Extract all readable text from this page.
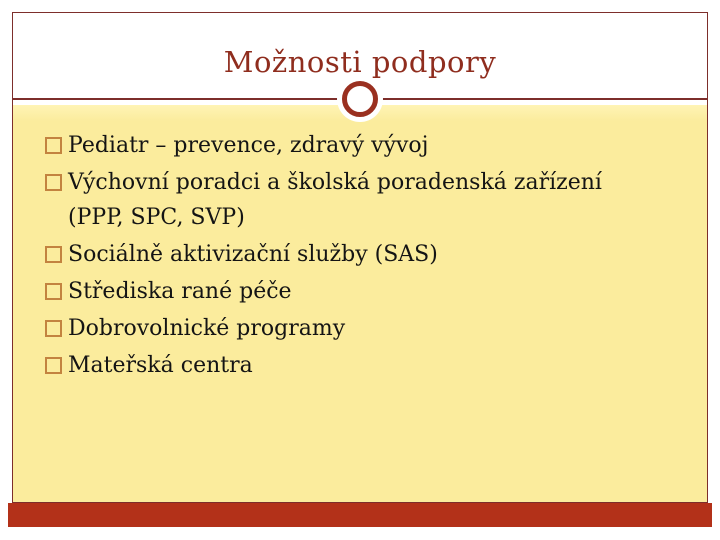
Možnosti podpory
Pediatr – prevence, zdravý vývoj
Výchovní poradci a školská poradenská zařízení (PPP, SPC, SVP)
Sociálně aktivizační služby (SAS)
Střediska rané péče
Dobrovolnické programy
Mateřská centra
